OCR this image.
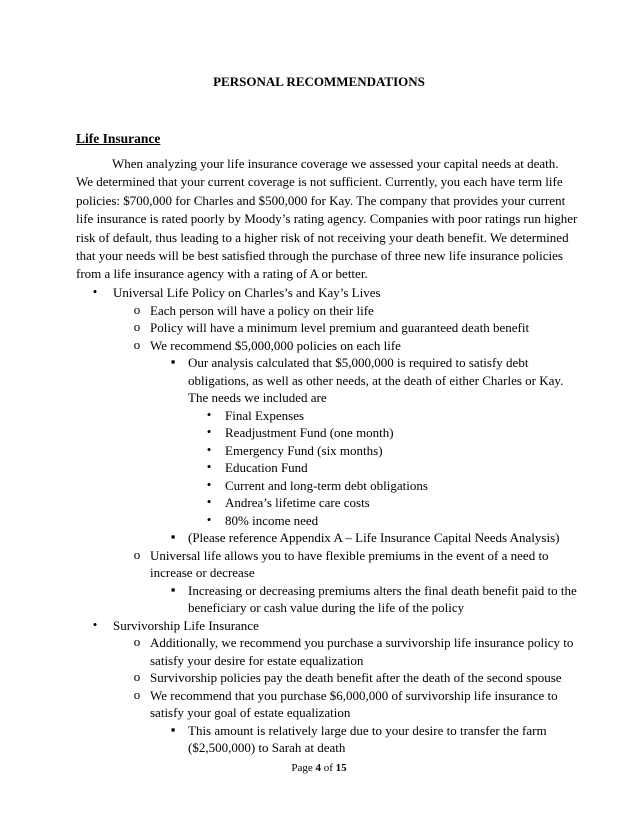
PERSONAL RECOMMENDATIONS
Life Insurance
When analyzing your life insurance coverage we assessed your capital needs at death.
We determined that your current coverage is not sufficient. Currently, you each have term life
policies: $700,000 for Charles and $500,000 for Kay. The company that provides your current
life insurance is rated poorly by Moody’s rating agency. Companies with poor ratings run higher
risk of default, thus leading to a higher risk of not receiving your death benefit. We determined
that your needs will be best satisfied through the purchase of three new life insurance policies
from a life insurance agency with a rating of A or better.
• Universal Life Policy on Charles’s and Kay’s Lives
o Each person will have a policy on their life
o Policy will have a minimum level premium and guaranteed death benefit
o We recommend $5,000,000 policies on each life
▪ Our analysis calculated that $5,000,000 is required to satisfy debt
obligations, as well as other needs, at the death of either Charles or Kay.
The needs we included are
• Final Expenses
• Readjustment Fund (one month)
• Emergency Fund (six months)
• Education Fund
• Current and long-term debt obligations
• Andrea’s lifetime care costs
• 80% income need
▪ (Please reference Appendix A – Life Insurance Capital Needs Analysis)
o Universal life allows you to have flexible premiums in the event of a need to
increase or decrease
▪ Increasing or decreasing premiums alters the final death benefit paid to the
beneficiary or cash value during the life of the policy
• Survivorship Life Insurance
o Additionally, we recommend you purchase a survivorship life insurance policy to
satisfy your desire for estate equalization
o Survivorship policies pay the death benefit after the death of the second spouse
o We recommend that you purchase $6,000,000 of survivorship life insurance to
satisfy your goal of estate equalization
▪ This amount is relatively large due to your desire to transfer the farm
($2,500,000) to Sarah at death
Page 4 of 15
